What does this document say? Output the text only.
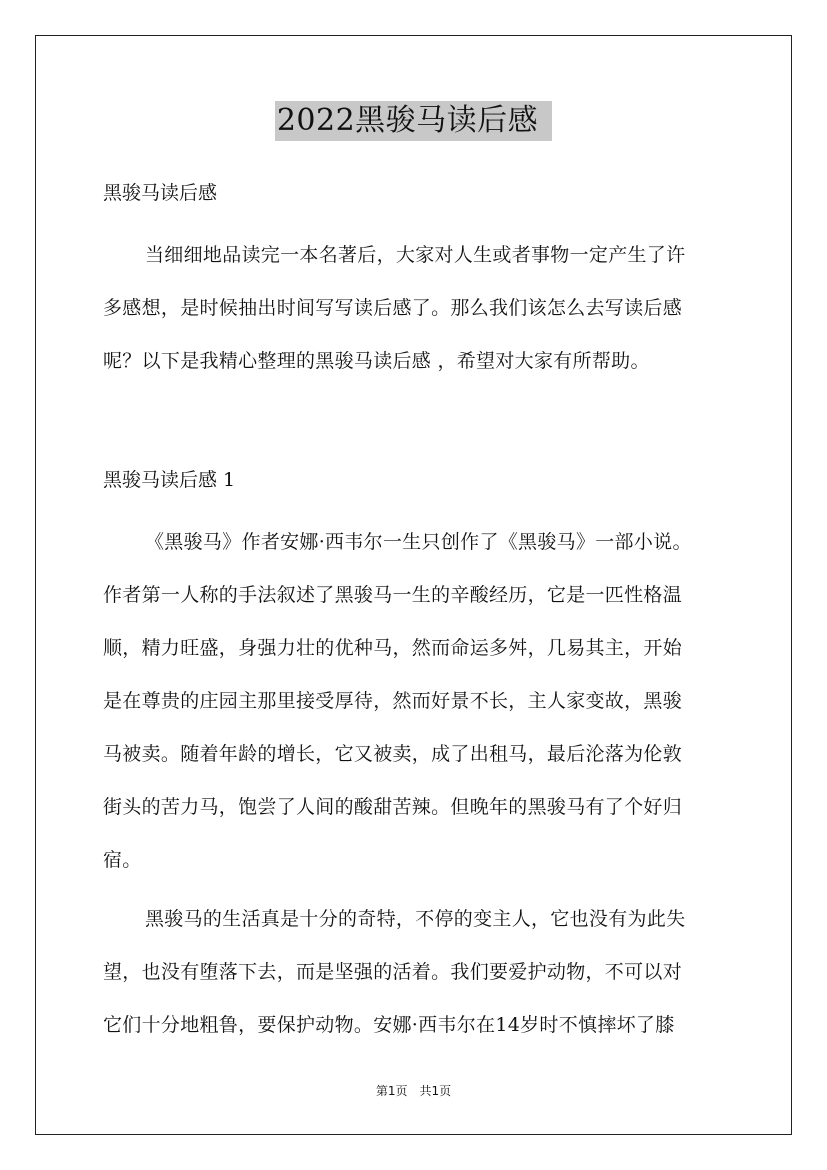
2022黑骏马读后感
黑骏马读后感
当细细地品读完一本名著后，大家对人生或者事物一定产生了许
多感想，是时候抽出时间写写读后感了。那么我们该怎么去写读后感
呢？以下是我精心整理的黑骏马读后感 ，希望对大家有所帮助。
黑骏马读后感 1
《黑骏马》作者安娜·西韦尔一生只创作了《黑骏马》一部小说。
作者第一人称的手法叙述了黑骏马一生的辛酸经历，它是一匹性格温
顺，精力旺盛，身强力壮的优种马，然而命运多舛，几易其主，开始
是在尊贵的庄园主那里接受厚待，然而好景不长，主人家变故，黑骏
马被卖。随着年龄的增长，它又被卖，成了出租马，最后沦落为伦敦
街头的苦力马，饱尝了人间的酸甜苦辣。但晚年的黑骏马有了个好归
宿。
黑骏马的生活真是十分的奇特，不停的变主人，它也没有为此失
望，也没有堕落下去，而是坚强的活着。我们要爱护动物，不可以对
它们十分地粗鲁，要保护动物。安娜·西韦尔在14岁时不慎摔坏了膝
第1页　共1页
